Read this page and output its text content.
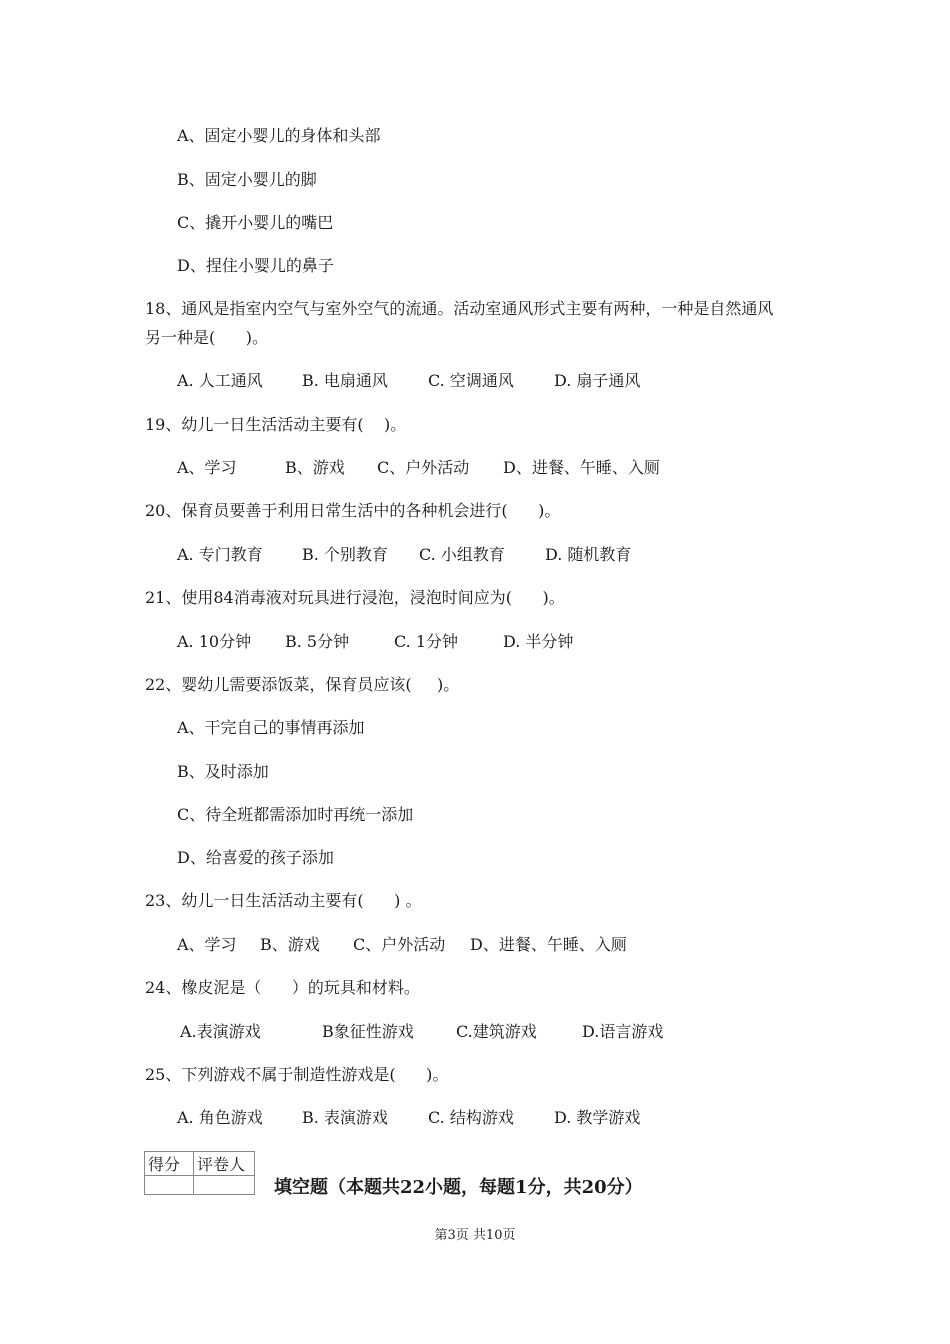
A、固定小婴儿的身体和头部
B、固定小婴儿的脚
C、撬开小婴儿的嘴巴
D、捏住小婴儿的鼻子
18、通风是指室内空气与室外空气的流通。活动室通风形式主要有两种，一种是自然通风
另一种是(      )。

A. 人工通风

B. 电扇通风

	C. 空调通风

	D. 扇子通风

19、幼儿一日生活活动主要有(    )。

A、学习

	B、游戏

C、户外活动

D、进餐、午睡、入厕

20、保育员要善于利用日常生活中的各种机会进行(      )。

A. 专门教育

B. 个别教育

C. 小组教育

	D. 随机教育

21、使用84消毒液对玩具进行浸泡，浸泡时间应为(      )。

A. 10分钟

B. 5分钟

	C. 1分钟

	D. 半分钟

22、婴幼儿需要添饭菜，保育员应该(     )。
A、干完自己的事情再添加
B、及时添加
C、待全班都需添加时再统一添加
D、给喜爱的孩子添加
23、幼儿一日生活活动主要有(      ) 。

A、学习

B、游戏

C、户外活动

D、进餐、午睡、入厕

24、橡皮泥是（      ）的玩具和材料。

A.表演游戏

	B象征性游戏

	C.建筑游戏

	D.语言游戏

25、下列游戏不属于制造性游戏是(      )。

A. 角色游戏

B. 表演游戏

	C. 结构游戏

	D. 教学游戏

得分	评卷人

填空题（本题共22小题，每题1分，共20分）
第3页 共10页
